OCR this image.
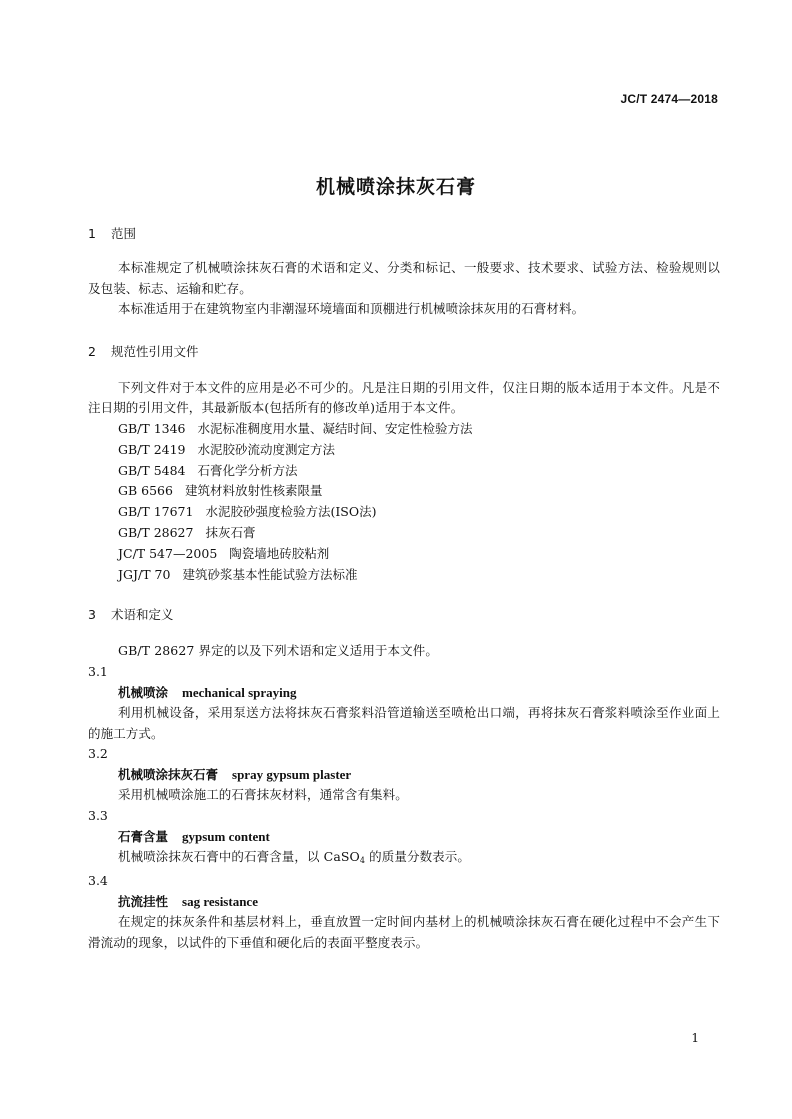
JC/T 2474—2018
机械喷涂抹灰石膏
1 范围
本标准规定了机械喷涂抹灰石膏的术语和定义、分类和标记、一般要求、技术要求、试验方法、检验规则以及包装、标志、运输和贮存。
本标准适用于在建筑物室内非潮湿环境墙面和顶棚进行机械喷涂抹灰用的石膏材料。
2 规范性引用文件
下列文件对于本文件的应用是必不可少的。凡是注日期的引用文件，仅注日期的版本适用于本文件。凡是不注日期的引用文件，其最新版本(包括所有的修改单)适用于本文件。
GB/T 1346 水泥标准稠度用水量、凝结时间、安定性检验方法
GB/T 2419 水泥胶砂流动度测定方法
GB/T 5484 石膏化学分析方法
GB 6566 建筑材料放射性核素限量
GB/T 17671 水泥胶砂强度检验方法(ISO法)
GB/T 28627 抹灰石膏
JC/T 547—2005 陶瓷墙地砖胶粘剂
JGJ/T 70 建筑砂浆基本性能试验方法标准
3 术语和定义
GB/T 28627 界定的以及下列术语和定义适用于本文件。
3.1
机械喷涂 mechanical spraying
利用机械设备，采用泵送方法将抹灰石膏浆料沿管道输送至喷枪出口端，再将抹灰石膏浆料喷涂至作业面上的施工方式。
3.2
机械喷涂抹灰石膏 spray gypsum plaster
采用机械喷涂施工的石膏抹灰材料，通常含有集料。
3.3
石膏含量 gypsum content
机械喷涂抹灰石膏中的石膏含量，以 CaSO$_4$ 的质量分数表示。
3.4
抗流挂性 sag resistance
在规定的抹灰条件和基层材料上，垂直放置一定时间内基材上的机械喷涂抹灰石膏在硬化过程中不会产生下滑流动的现象，以试件的下垂值和硬化后的表面平整度表示。
1
